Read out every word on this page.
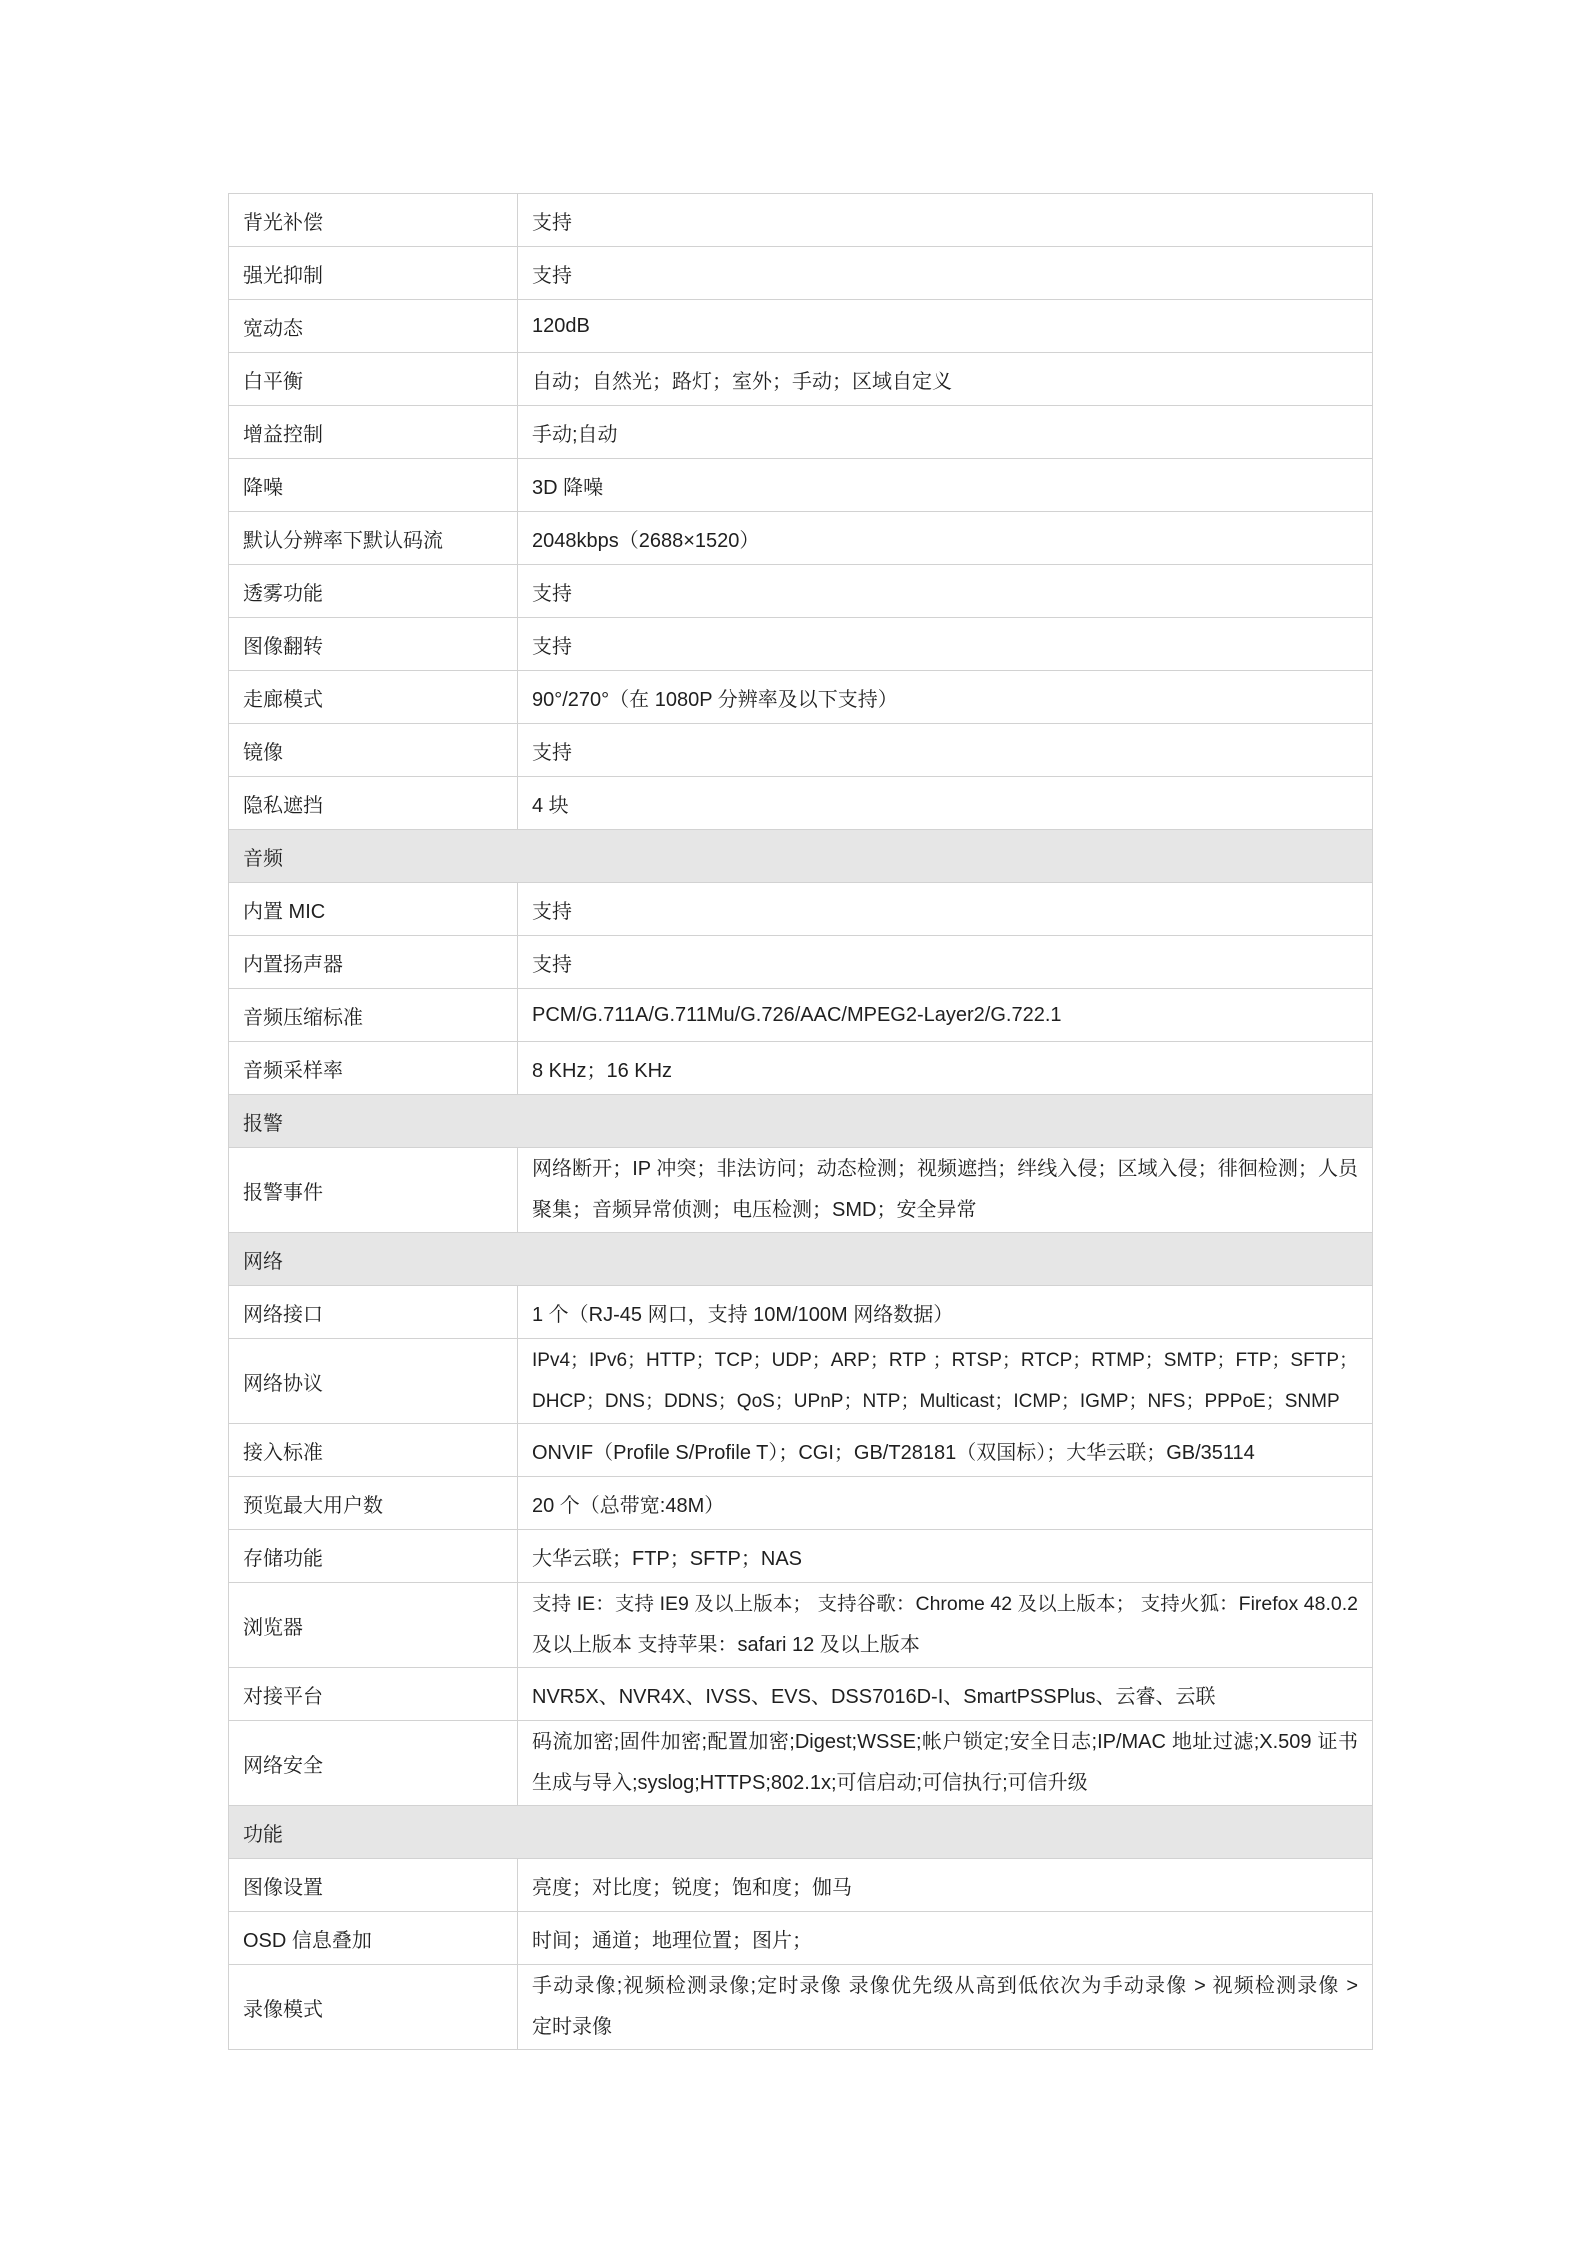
背光补偿	支持

强光抑制	支持

宽动态	120dB

白平衡	自动；自然光；路灯；室外；手动；区域自定义

增益控制	手动;自动

降噪	3D 降噪

默认分辨率下默认码流	2048kbps（2688×1520）

透雾功能	支持

图像翻转	支持

走廊模式	90°/270°（在 1080P 分辨率及以下支持）

镜像	支持

隐私遮挡	4 块

音频	

内置 MIC	支持

内置扬声器	支持

音频压缩标准	PCM/G.711A/G.711Mu/G.726/AAC/MPEG2-Layer2/G.722.1

音频采样率	8 KHz；16 KHz

报警	

报警事件	网络断开；IP 冲突；非法访问；动态检测；视频遮挡；绊线入侵；区域入侵；徘徊检测；人员
聚集；音频异常侦测；电压检测；SMD；安全异常

网络	

网络接口	1 个（RJ-45 网口，支持 10M/100M 网络数据）

网络协议	IPv4；IPv6；HTTP；TCP；UDP；ARP；RTP ；RTSP；RTCP；RTMP；SMTP；FTP；SFTP；
DHCP；DNS；DDNS；QoS；UPnP；NTP；Multicast；ICMP；IGMP；NFS；PPPoE；SNMP

接入标准	ONVIF（Profile S/Profile T）；CGI；GB/T28181（双国标）；大华云联；GB/35114

预览最大用户数	20 个（总带宽:48M）

存储功能	大华云联；FTP；SFTP；NAS

浏览器	支持 IE：支持 IE9 及以上版本； 支持谷歌：Chrome 42 及以上版本； 支持火狐：Firefox 48.0.2
及以上版本 支持苹果：safari 12 及以上版本

对接平台	NVR5X、NVR4X、IVSS、EVS、DSS7016D-I、SmartPSSPlus、云睿、云联

网络安全	码流加密;固件加密;配置加密;Digest;WSSE;帐户锁定;安全日志;IP/MAC 地址过滤;X.509 证书
生成与导入;syslog;HTTPS;802.1x;可信启动;可信执行;可信升级

功能	

图像设置	亮度；对比度；锐度；饱和度；伽马

OSD 信息叠加	时间；通道；地理位置；图片；

录像模式	手动录像;视频检测录像;定时录像 录像优先级从高到低依次为手动录像 > 视频检测录像 >
定时录像
